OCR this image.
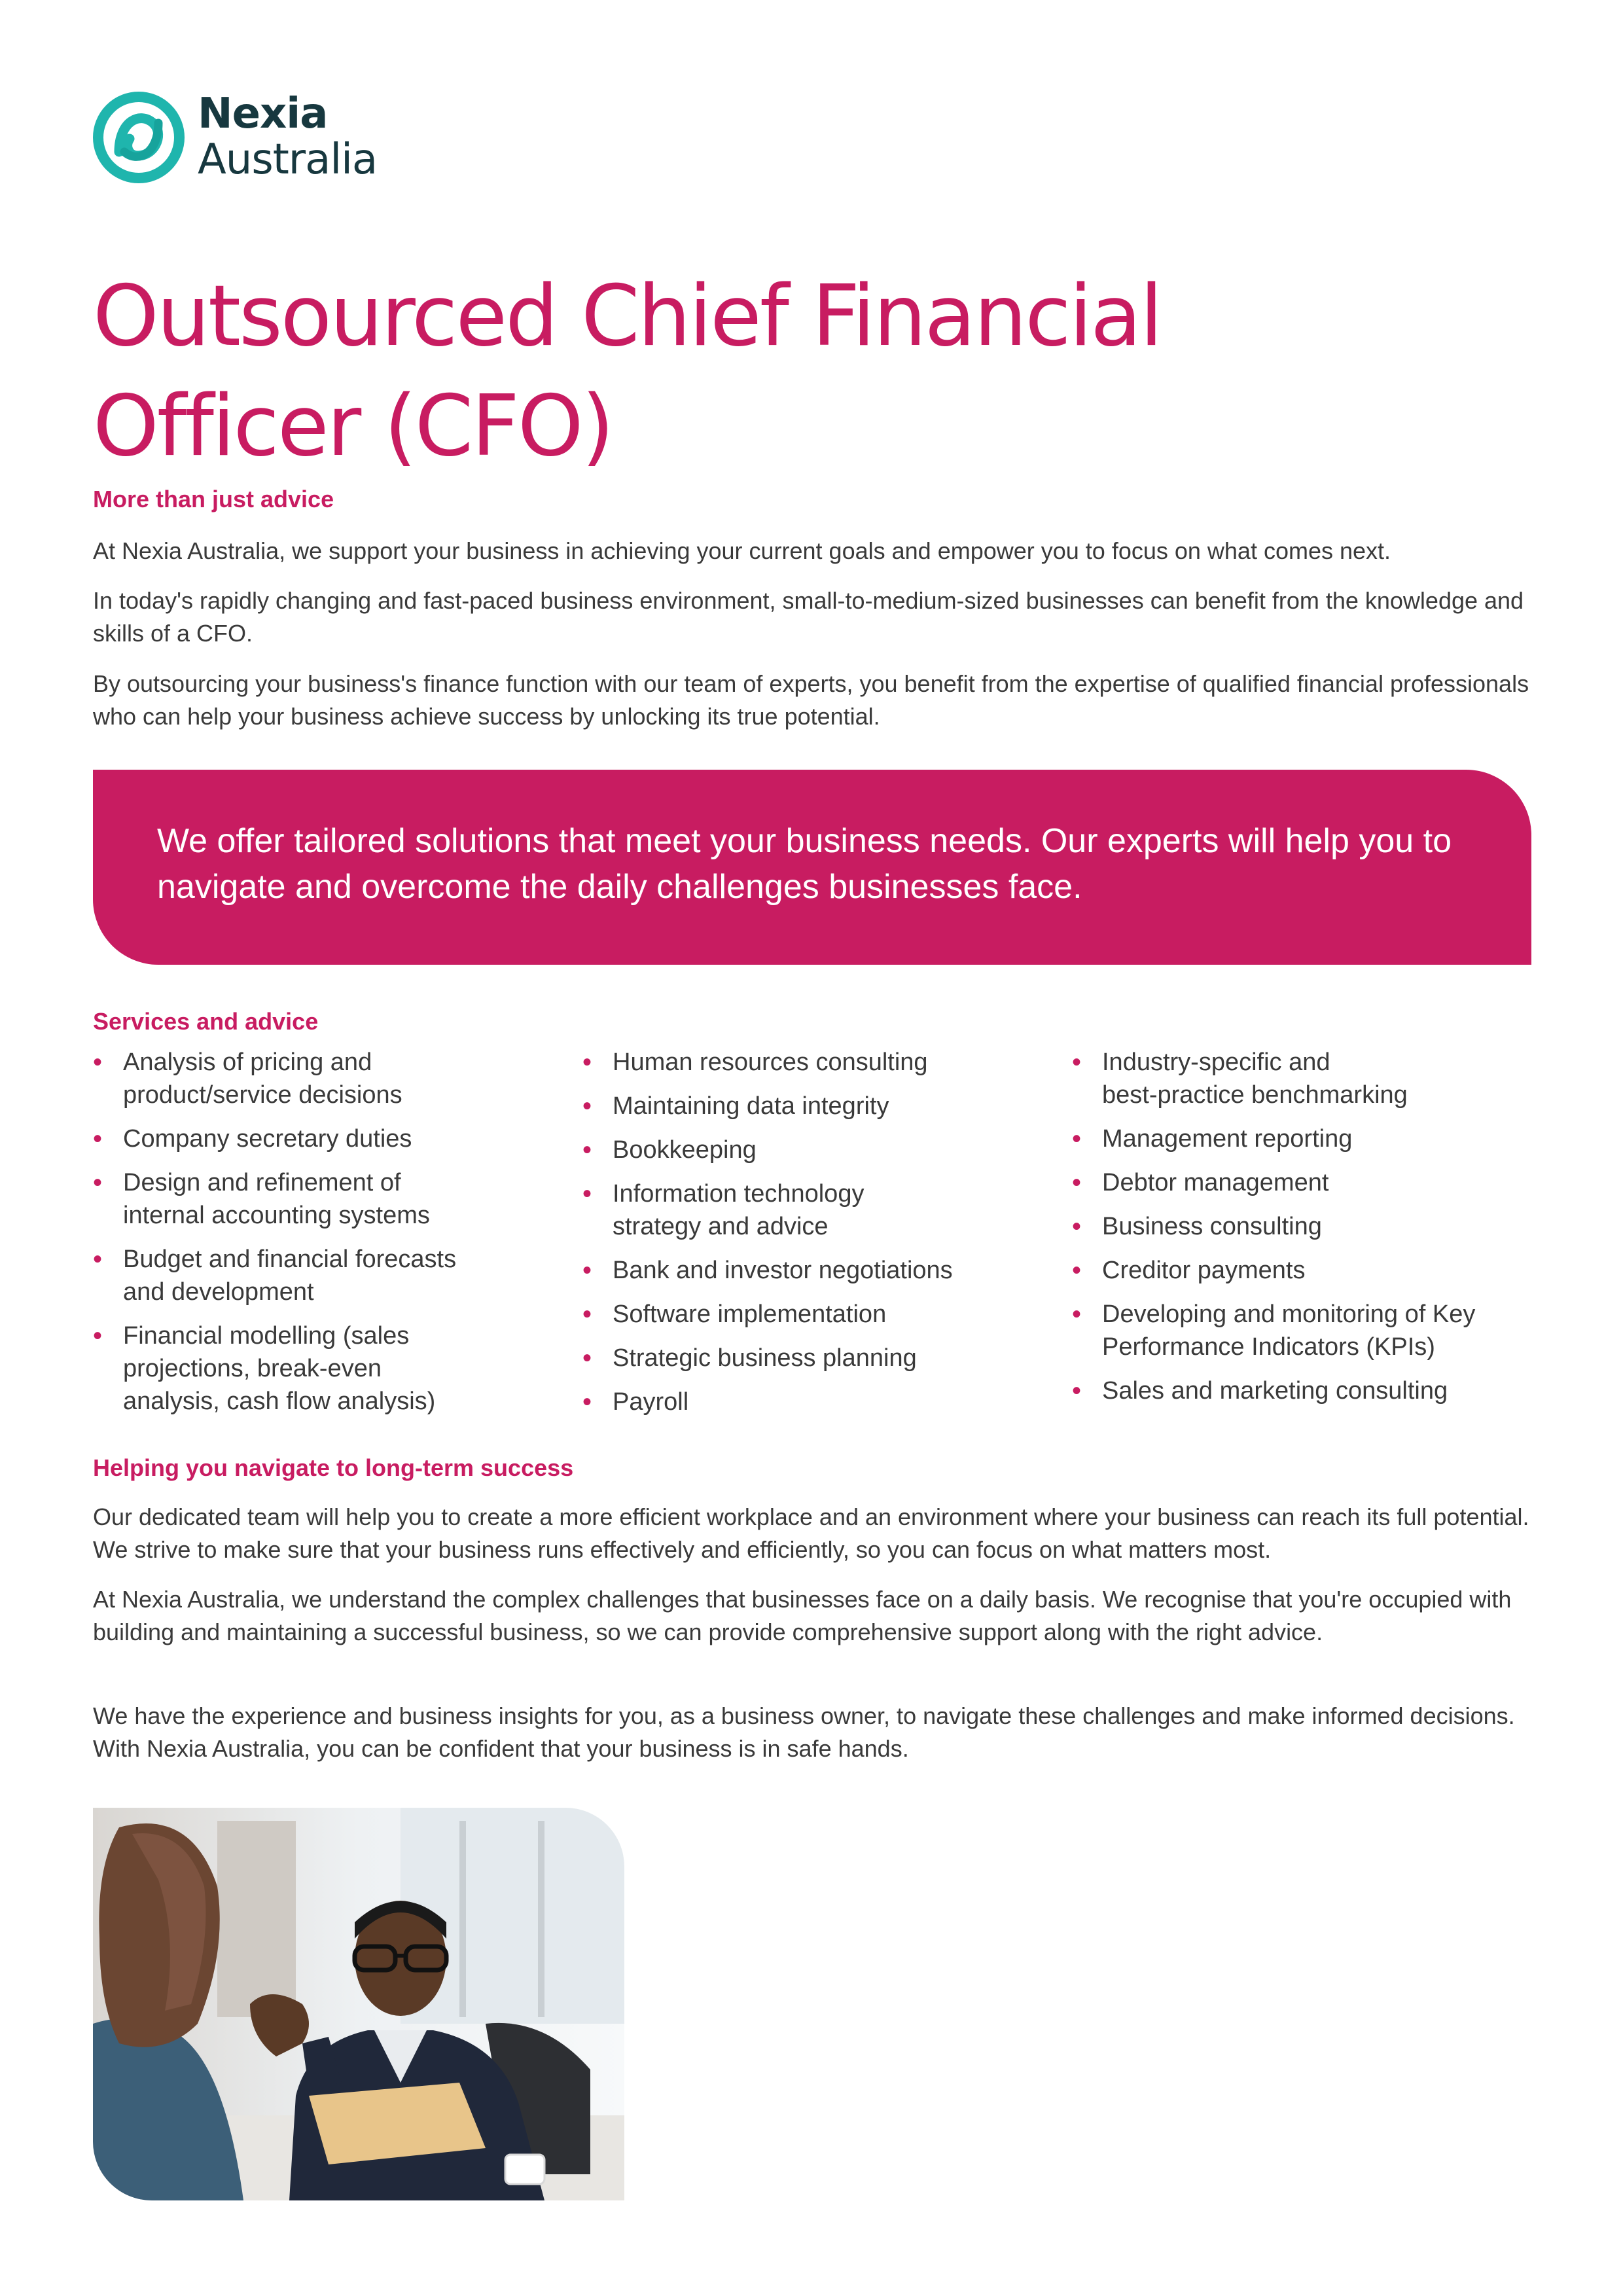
Nexia
Australia
Outsourced Chief Financial Officer (CFO)
More than just advice

At Nexia Australia, we support your business in achieving your current goals and empower you to focus on what comes next.

In today's rapidly changing and fast-paced business environment, small-to-medium-sized businesses can benefit from the knowledge and skills of a CFO.

By outsourcing your business's finance function with our team of experts, you benefit from the expertise of qualified financial professionals who can help your business achieve success by unlocking its true potential.

We offer tailored solutions that meet your business needs. Our experts will help you to navigate and overcome the daily challenges businesses face.

Services and advice
• Analysis of pricing and
product/service decisions
• Company secretary duties
• Design and refinement of
internal accounting systems
• Budget and financial forecasts
and development
• Financial modelling (sales
projections, break-even
analysis, cash flow analysis)
• Human resources consulting
• Maintaining data integrity
• Bookkeeping
• Information technology
strategy and advice
• Bank and investor negotiations
• Software implementation
• Strategic business planning
• Payroll
• Industry-specific and
best-practice benchmarking
• Management reporting
• Debtor management
• Business consulting
• Creditor payments
• Developing and monitoring of Key
Performance Indicators (KPIs)
• Sales and marketing consulting
Helping you navigate to long-term success

Our dedicated team will help you to create a more efficient workplace and an environment where your business can reach its full potential. We strive to make sure that your business runs effectively and efficiently, so you can focus on what matters most.

At Nexia Australia, we understand the complex challenges that businesses face on a daily basis. We recognise that you're occupied with building and maintaining a successful business, so we can provide comprehensive support along with the right advice.

We have the experience and business insights for you, as a business owner, to navigate these challenges and make informed decisions. With Nexia Australia, you can be confident that your business is in safe hands.
